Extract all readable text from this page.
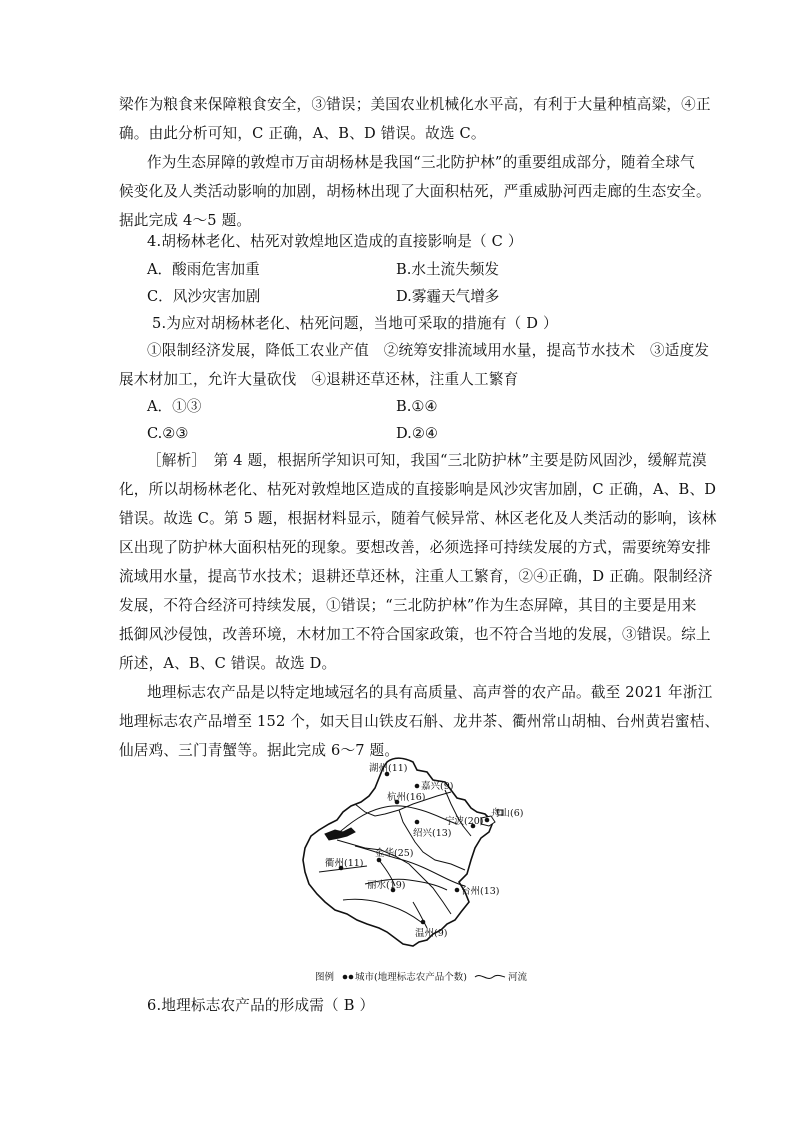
梁作为粮食来保障粮食安全，③错误；美国农业机械化水平高，有利于大量种植高粱，④正
确。由此分析可知，C 正确，A、B、D 错误。故选 C。
作为生态屏障的敦煌市万亩胡杨林是我国“三北防护林”的重要组成部分，随着全球气
候变化及人类活动影响的加剧，胡杨林出现了大面积枯死，严重威胁河西走廊的生态安全。
据此完成 4～5 题。
4.胡杨林老化、枯死对敦煌地区造成的直接影响是（ C ）
A．酸雨危害加重	B.水土流失频发
C．风沙灾害加剧	D.雾霾天气增多
5.为应对胡杨林老化、枯死问题，当地可采取的措施有（ D ）
①限制经济发展，降低工农业产值　②统筹安排流域用水量，提高节水技术　③适度发
展木材加工，允许大量砍伐　④退耕还草还林，注重人工繁育
A．①③	B.①④
C.②③	D.②④
［解析］　第 4 题，根据所学知识可知，我国“三北防护林”主要是防风固沙，缓解荒漠
化，所以胡杨林老化、枯死对敦煌地区造成的直接影响是风沙灾害加剧，C 正确，A、B、D
错误。故选 C。第 5 题，根据材料显示，随着气候异常、林区老化及人类活动的影响，该林
区出现了防护林大面积枯死的现象。要想改善，必须选择可持续发展的方式，需要统筹安排
流域用水量，提高节水技术；退耕还草还林，注重人工繁育，②④正确，D 正确。限制经济
发展，不符合经济可持续发展，①错误；“三北防护林”作为生态屏障，其目的主要是用来
抵御风沙侵蚀，改善环境，木材加工不符合国家政策，也不符合当地的发展，③错误。综上
所述，A、B、C 错误。故选 D。
地理标志农产品是以特定地域冠名的具有高质量、高声誉的农产品。截至 2021 年浙江
地理标志农产品增至 152 个，如天目山铁皮石斛、龙井茶、衢州常山胡柚、台州黄岩蜜桔、
仙居鸡、三门青蟹等。据此完成 6～7 题。
湖州(11)
嘉兴(9)
杭州(16)
舟山(6)
宁波(20)
绍兴(13)
金华(25)
衢州(11)
丽水(19)
台州(13)
温州(9)
图例 城市(地理标志农产品个数)	河流
6.地理标志农产品的形成需（ B ）
